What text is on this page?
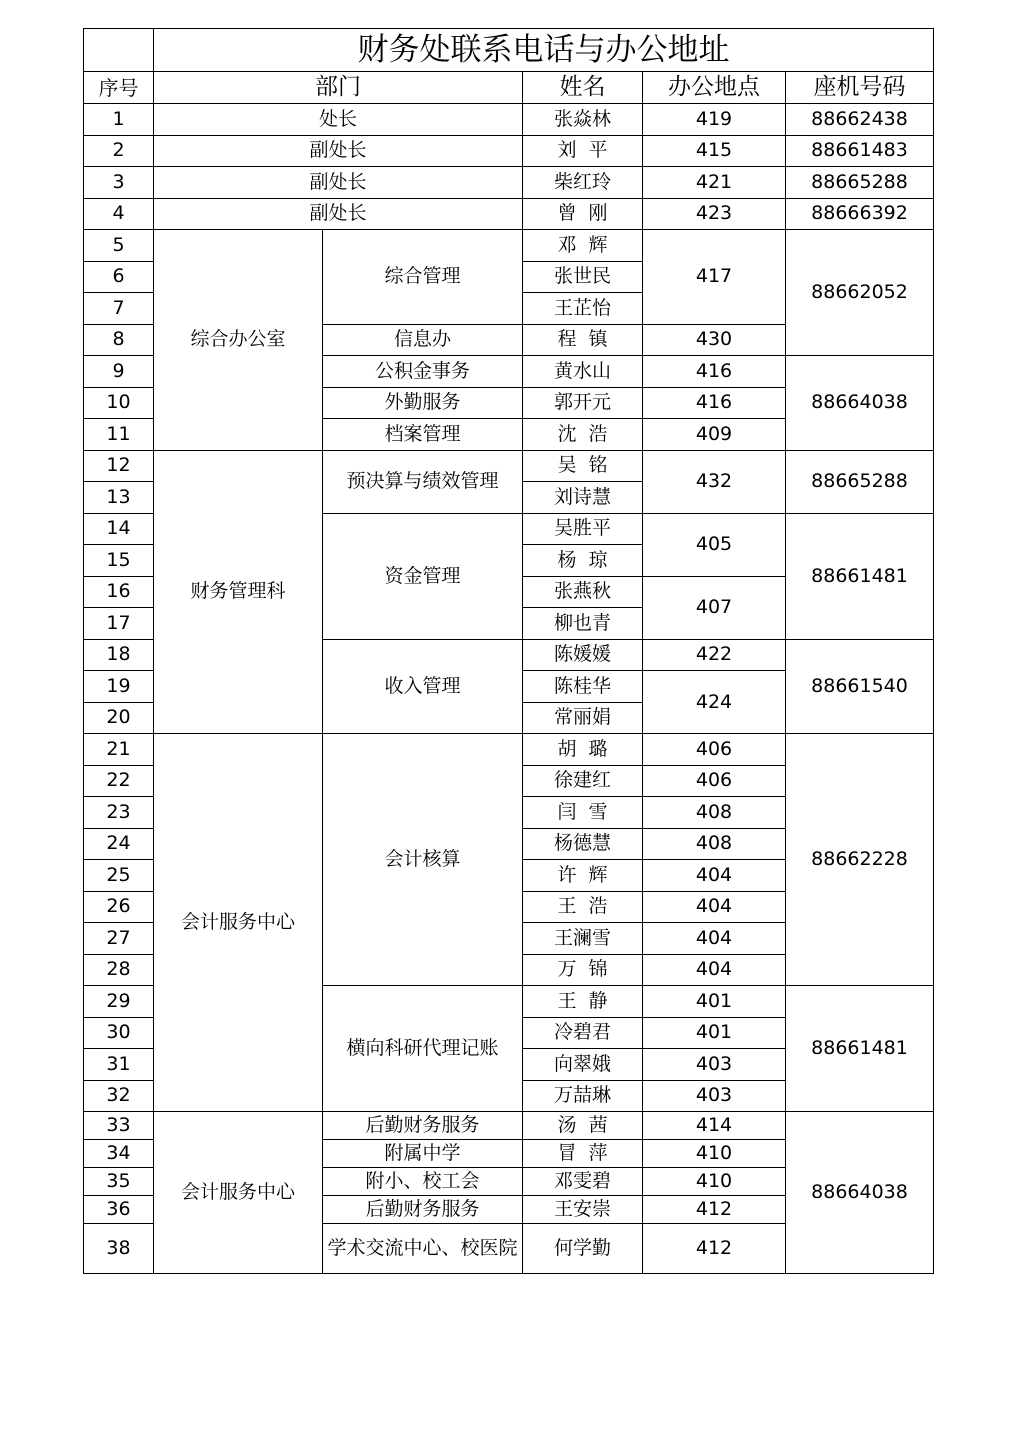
	财务处联系电话与办公地址				
序号	部门		姓名	办公地点	座机号码
1	处长		张焱林	419	88662438
2	副处长		刘  平	415	88661483
3	副处长		柴红玲	421	88665288
4	副处长		曾  刚	423	88666392
5	综合办公室	综合管理	邓  辉	417	88662052
6			张世民		
7			王芷怡		
8		信息办	程  镇	430	
9		公积金事务	黄水山	416	88664038
10		外勤服务	郭开元	416	
11		档案管理	沈  浩	409	
12	财务管理科	预决算与绩效管理	吴  铭	432	88665288
13			刘诗慧		
14		资金管理	吴胜平	405	88661481
15			杨  琼		
16			张燕秋	407	
17			柳也青		
18		收入管理	陈媛媛	422	88661540
19			陈桂华	424	
20			常丽娟		
21	会计服务中心	会计核算	胡  璐	406	88662228
22			徐建红	406	
23			闫  雪	408	
24			杨德慧	408	
25			许  辉	404	
26			王  浩	404	
27			王澜雪	404	
28			万  锦	404	
29		横向科研代理记账	王  静	401	88661481
30			冷碧君	401	
31			向翠娥	403	
32			万喆琳	403	
33	会计服务中心	后勤财务服务	汤  茜	414	88664038
34		附属中学	冒  萍	410	
35		附小、校工会	邓雯碧	410	
36		后勤财务服务	王安崇	412	
38		学术交流中心、校医院	何学勤	412	
